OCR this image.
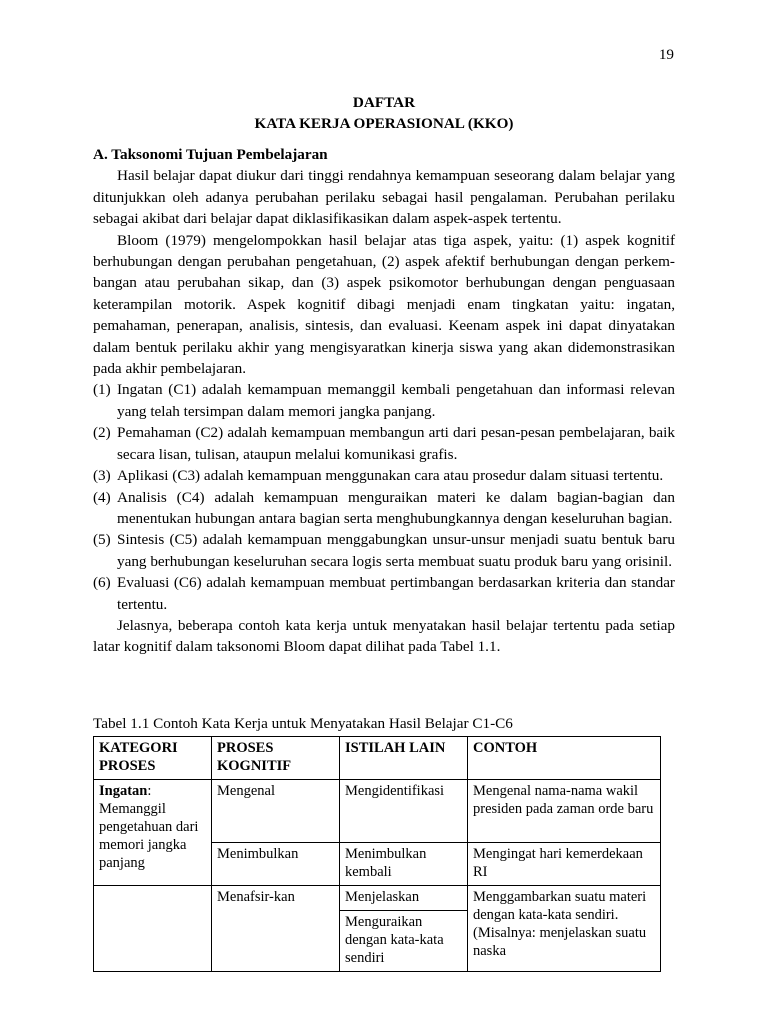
19
DAFTAR
KATA KERJA OPERASIONAL (KKO)
A. Taksonomi Tujuan Pembelajaran

Hasil belajar dapat diukur dari tinggi rendahnya kemampuan seseorang dalam belajar yang ditunjukkan oleh adanya perubahan perilaku sebagai hasil pengalaman. Perubahan perilaku sebagai akibat dari belajar dapat diklasifikasikan dalam aspek-aspek tertentu.

Bloom (1979) mengelompokkan hasil belajar atas tiga aspek, yaitu: (1) aspek kognitif berhubungan dengan perubahan pengetahuan, (2) aspek afektif berhubungan dengan perkem-bangan atau perubahan sikap, dan (3) aspek psikomotor berhubungan dengan penguasaan keterampilan motorik. Aspek kognitif dibagi menjadi enam tingkatan yaitu: ingatan, pemahaman, penerapan, analisis, sintesis, dan evaluasi. Keenam aspek ini dapat dinyatakan dalam bentuk perilaku akhir yang mengisyaratkan kinerja siswa yang akan didemonstrasikan pada akhir pembelajaran.

(1) Ingatan (C1) adalah kemampuan memanggil kembali pengetahuan dan informasi relevan yang telah tersimpan dalam memori jangka panjang.
(2) Pemahaman (C2) adalah kemampuan membangun arti dari pesan-pesan pembelajaran, baik secara lisan, tulisan, ataupun melalui komunikasi grafis.
(3) Aplikasi (C3) adalah kemampuan menggunakan cara atau prosedur dalam situasi tertentu.
(4) Analisis (C4) adalah kemampuan menguraikan materi ke dalam bagian-bagian dan menentukan hubungan antara bagian serta menghubungkannya dengan keseluruhan bagian.
(5) Sintesis (C5) adalah kemampuan menggabungkan unsur-unsur menjadi suatu bentuk baru yang berhubungan keseluruhan secara logis serta membuat suatu produk baru yang orisinil.
(6) Evaluasi (C6) adalah kemampuan membuat pertimbangan berdasarkan kriteria dan standar tertentu.

Jelasnya, beberapa contoh kata kerja untuk menyatakan hasil belajar tertentu pada setiap latar kognitif dalam taksonomi Bloom dapat dilihat pada Tabel 1.1.

Tabel 1.1 Contoh Kata Kerja untuk Menyatakan Hasil Belajar C1-C6
KATEGORI PROSES	PROSES KOGNITIF	ISTILAH LAIN	CONTOH
Ingatan:
Memanggil pengetahuan dari memori jangka panjang	Mengenal	Mengidentifikasi	Mengenal nama-nama wakil presiden pada zaman orde baru
	Menimbulkan	Menimbulkan kembali	Mengingat hari kemerdekaan RI
	Menafsir-kan	Menjelaskan	Menggambarkan suatu materi dengan kata-kata sendiri. (Misalnya: menjelaskan suatu naska
		Menguraikan dengan kata-kata sendiri	
